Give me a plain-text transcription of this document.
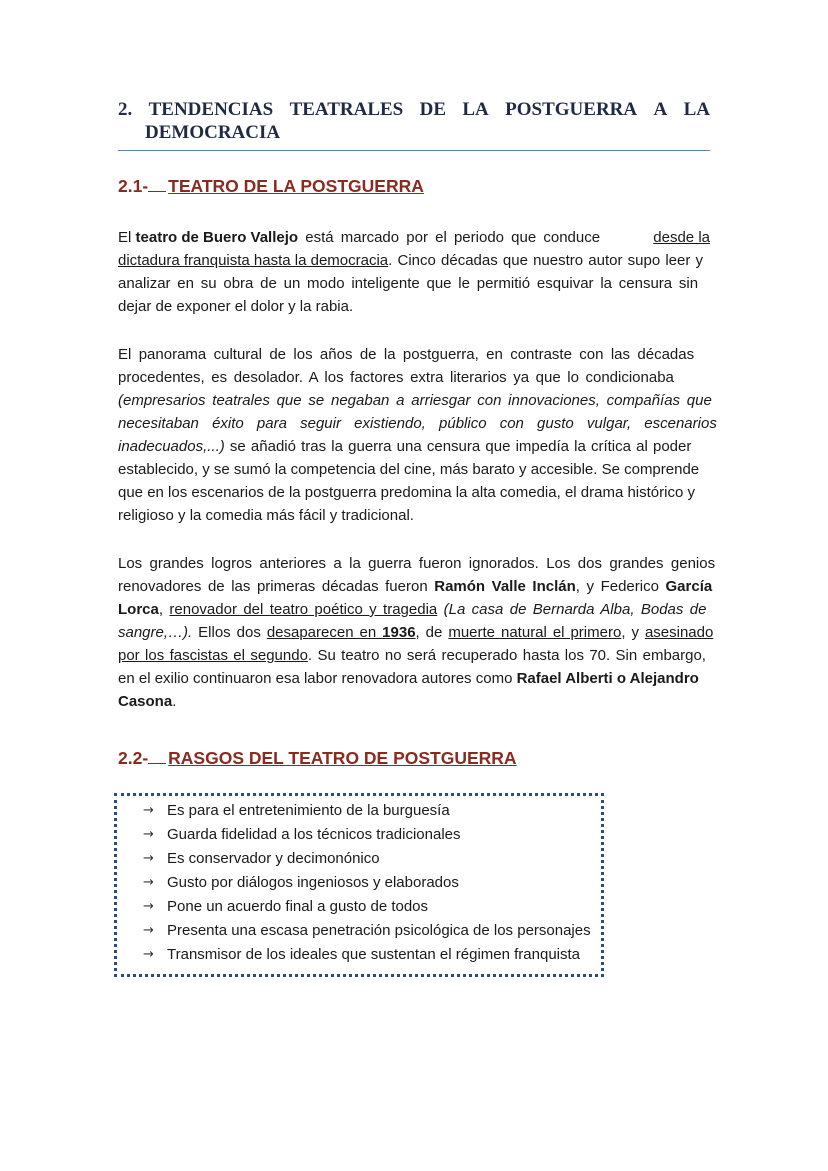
2. TENDENCIAS TEATRALES DE LA POSTGUERRA A LA
DEMOCRACIA
2.1- TEATRO DE LA POSTGUERRA
El teatro de Buero Vallejo está marcado por el periodo que conduce	desde la
dictadura franquista hasta la democracia. Cinco décadas que nuestro autor supo leer y
analizar en su obra de un modo inteligente que le permitió esquivar la censura sin
dejar de exponer el dolor y la rabia.
El panorama cultural de los años de la postguerra, en contraste con las décadas
procedentes, es desolador. A los factores extra literarios ya que lo condicionaba
(empresarios teatrales que se negaban a arriesgar con innovaciones, compañías que
necesitaban éxito para seguir existiendo, público con gusto vulgar, escenarios
inadecuados,...) se añadió tras la guerra una censura que impedía la crítica al poder
establecido, y se sumó la competencia del cine, más barato y accesible. Se comprende
que en los escenarios de la postguerra predomina la alta comedia, el drama histórico y
religioso y la comedia más fácil y tradicional.
Los grandes logros anteriores a la guerra fueron ignorados. Los dos grandes genios
renovadores de las primeras décadas fueron Ramón Valle Inclán, y Federico García
Lorca, renovador del teatro poético y tragedia (La casa de Bernarda Alba, Bodas de
sangre,…). Ellos dos desaparecen en 1936, de muerte natural el primero, y asesinado
por los fascistas el segundo. Su teatro no será recuperado hasta los 70. Sin embargo,
en el exilio continuaron esa labor renovadora autores como Rafael Alberti o Alejandro
Casona.
2.2- RASGOS DEL TEATRO DE POSTGUERRA
→ Es para el entretenimiento de la burguesía
→ Guarda fidelidad a los técnicos tradicionales
→ Es conservador y decimonónico
→ Gusto por diálogos ingeniosos y elaborados
→ Pone un acuerdo final a gusto de todos
→ Presenta una escasa penetración psicológica de los personajes
→ Transmisor de los ideales que sustentan el régimen franquista
